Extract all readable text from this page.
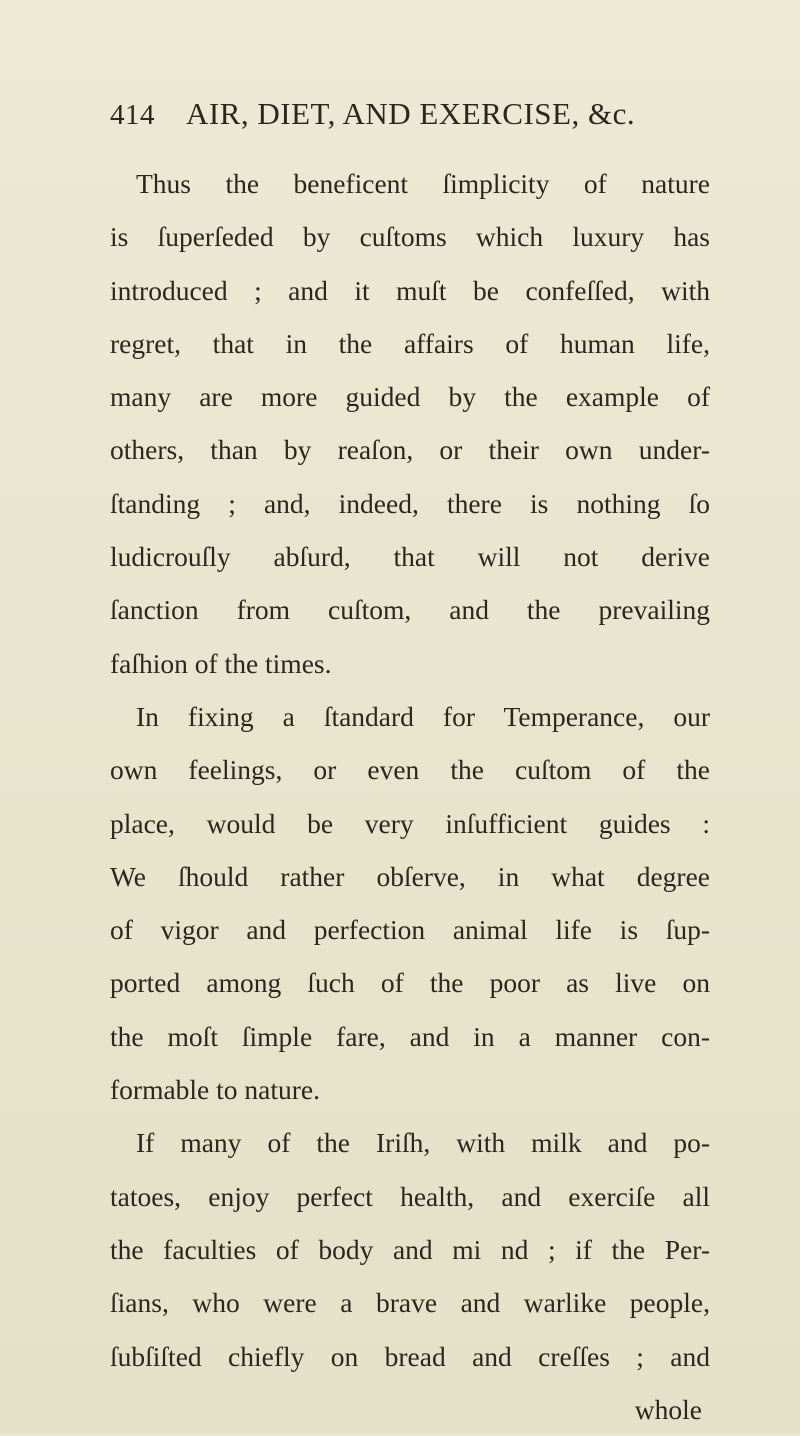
414 AIR, DIET, AND EXERCISE, &c.
Thus the beneficent ſimplicity of nature
is ſuperſeded by cuſtoms which luxury has
introduced ; and it muſt be confeſſed, with
regret, that in the affairs of human life,
many are more guided by the example of
others, than by reaſon, or their own under-
ſtanding ; and, indeed, there is nothing ſo
ludicrouſly abſurd, that will not derive
ſanction from cuſtom, and the prevailing
faſhion of the times.
In fixing a ſtandard for Temperance, our
own feelings, or even the cuſtom of the
place, would be very inſufficient guides :
We ſhould rather obſerve, in what degree
of vigor and perfection animal life is ſup-
ported among ſuch of the poor as live on
the moſt ſimple fare, and in a manner con-
formable to nature.
If many of the Iriſh, with milk and po-
tatoes, enjoy perfect health, and exerciſe all
the faculties of body and mi nd ; if the Per-
ſians, who were a brave and warlike people,
ſubſiſted chiefly on bread and creſſes ; and
whole
